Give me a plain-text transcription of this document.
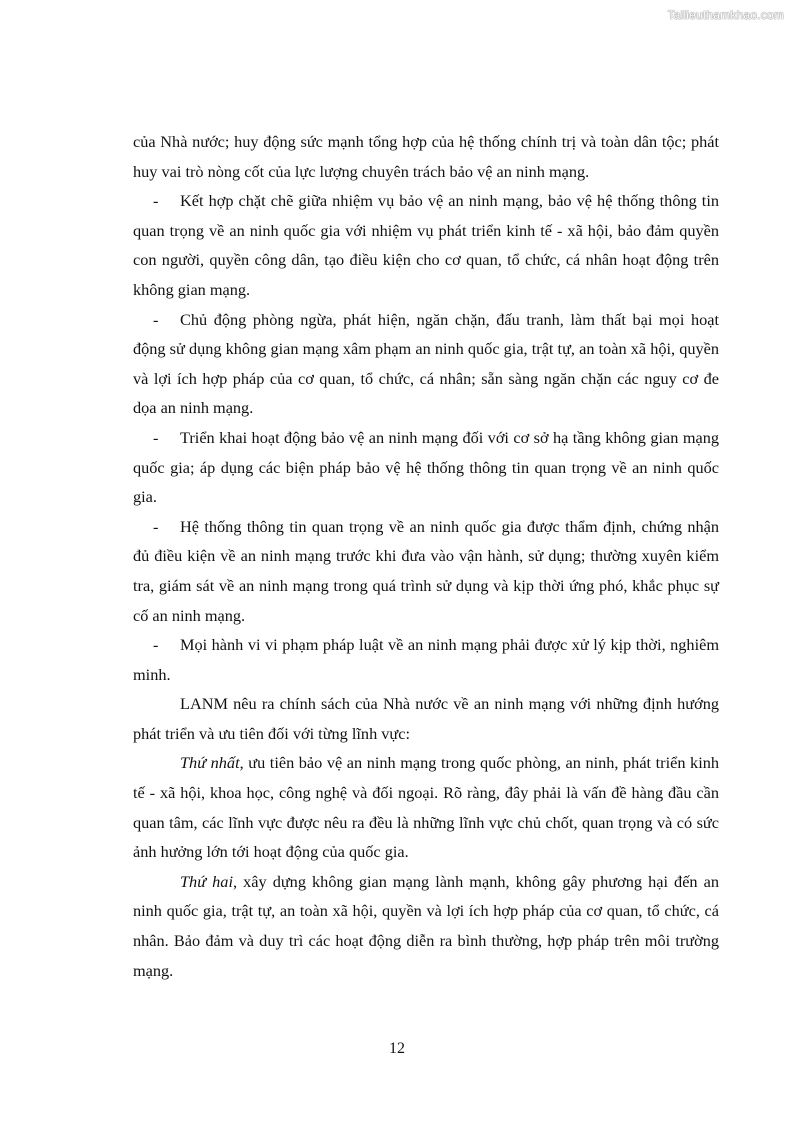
Tailieuthamkhao.com

của Nhà nước; huy động sức mạnh tổng hợp của hệ thống chính trị và toàn dân tộc; phát huy vai trò nòng cốt của lực lượng chuyên trách bảo vệ an ninh mạng.

- Kết hợp chặt chẽ giữa nhiệm vụ bảo vệ an ninh mạng, bảo vệ hệ thống thông tin quan trọng về an ninh quốc gia với nhiệm vụ phát triển kinh tế - xã hội, bảo đảm quyền con người, quyền công dân, tạo điều kiện cho cơ quan, tổ chức, cá nhân hoạt động trên không gian mạng.

- Chủ động phòng ngừa, phát hiện, ngăn chặn, đấu tranh, làm thất bại mọi hoạt động sử dụng không gian mạng xâm phạm an ninh quốc gia, trật tự, an toàn xã hội, quyền và lợi ích hợp pháp của cơ quan, tổ chức, cá nhân; sẵn sàng ngăn chặn các nguy cơ đe dọa an ninh mạng.

- Triển khai hoạt động bảo vệ an ninh mạng đối với cơ sở hạ tầng không gian mạng quốc gia; áp dụng các biện pháp bảo vệ hệ thống thông tin quan trọng về an ninh quốc gia.

- Hệ thống thông tin quan trọng về an ninh quốc gia được thẩm định, chứng nhận đủ điều kiện về an ninh mạng trước khi đưa vào vận hành, sử dụng; thường xuyên kiểm tra, giám sát về an ninh mạng trong quá trình sử dụng và kịp thời ứng phó, khắc phục sự cố an ninh mạng.

- Mọi hành vi vi phạm pháp luật về an ninh mạng phải được xử lý kịp thời, nghiêm minh.

LANM nêu ra chính sách của Nhà nước về an ninh mạng với những định hướng phát triển và ưu tiên đối với từng lĩnh vực:

Thứ nhất, ưu tiên bảo vệ an ninh mạng trong quốc phòng, an ninh, phát triển kinh tế - xã hội, khoa học, công nghệ và đối ngoại. Rõ ràng, đây phải là vấn đề hàng đầu cần quan tâm, các lĩnh vực được nêu ra đều là những lĩnh vực chủ chốt, quan trọng và có sức ảnh hưởng lớn tới hoạt động của quốc gia.

Thứ hai, xây dựng không gian mạng lành mạnh, không gây phương hại đến an ninh quốc gia, trật tự, an toàn xã hội, quyền và lợi ích hợp pháp của cơ quan, tổ chức, cá nhân. Bảo đảm và duy trì các hoạt động diễn ra bình thường, hợp pháp trên môi trường mạng.

12
